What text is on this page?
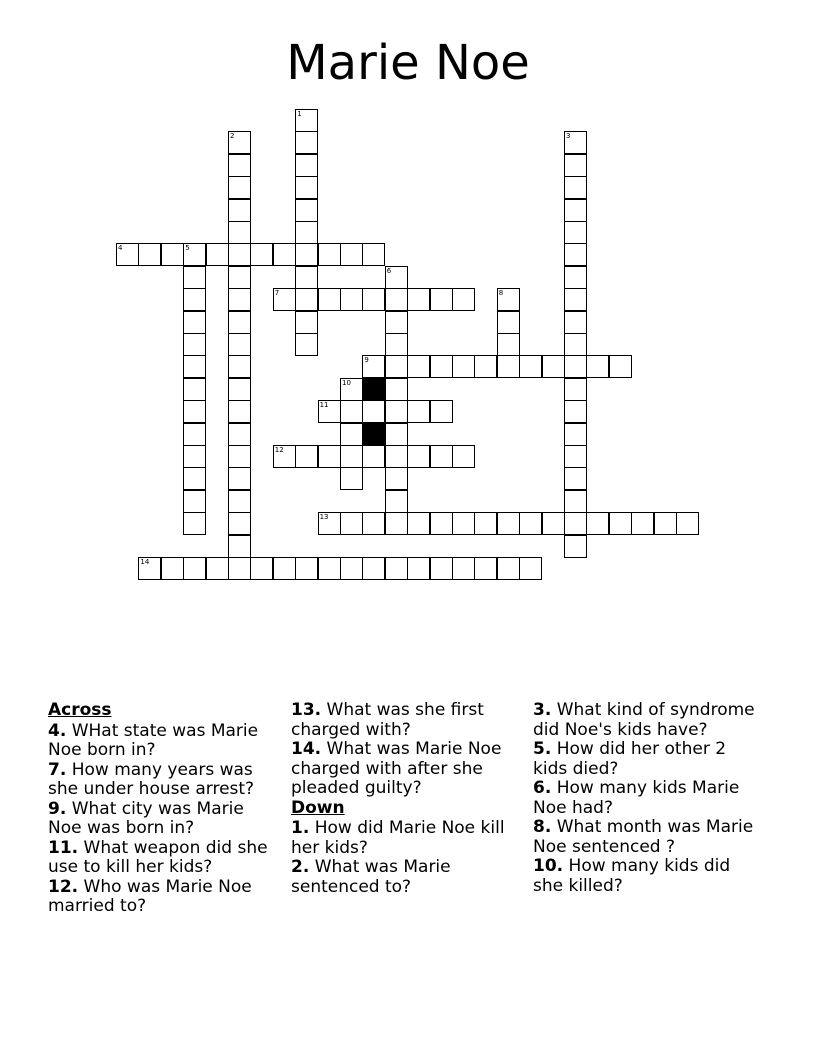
Marie Noe
1
2	3
4	5
6
7	8
9
10
11
12
13
14
Across
4. WHat state was Marie Noe born in?
7. How many years was she under house arrest?
9. What city was Marie Noe was born in?
11. What weapon did she use to kill her kids?
12. Who was Marie Noe married to?
13. What was she first charged with?
14. What was Marie Noe charged with after she pleaded guilty?
Down
1. How did Marie Noe kill her kids?
2. What was Marie sentenced to?
3. What kind of syndrome did Noe's kids have?
5. How did her other 2 kids died?
6. How many kids Marie Noe had?
8. What month was Marie Noe sentenced ?
10. How many kids did she killed?
